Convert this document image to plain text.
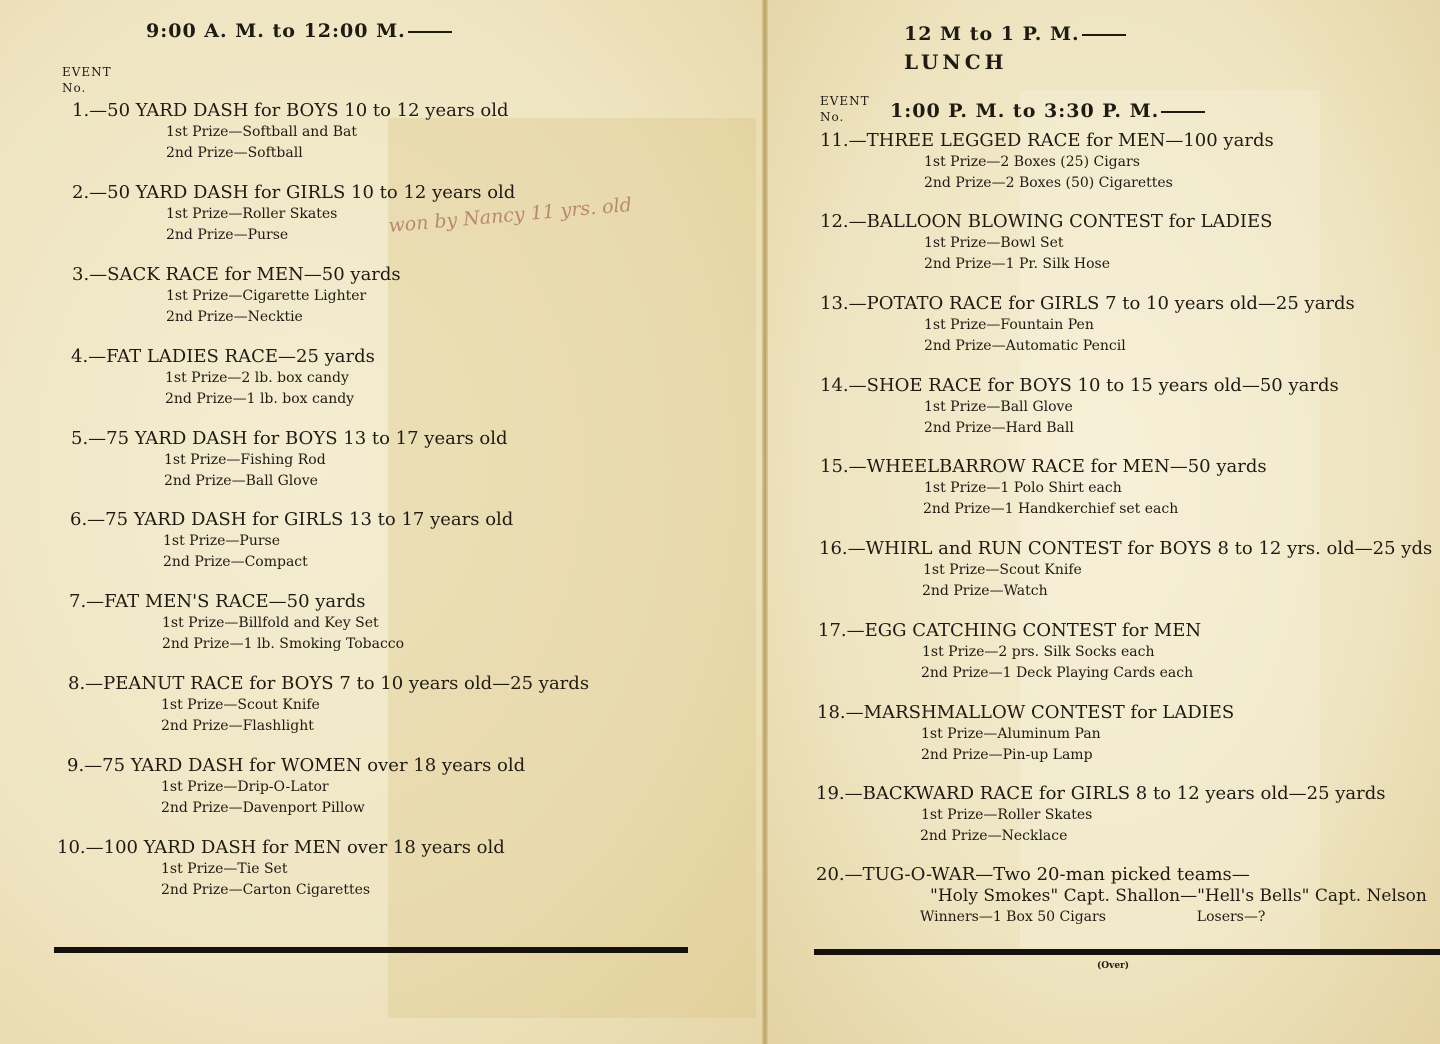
9:00 A. M. to 12:00 M.
EVENT
No.
1.—50 YARD DASH for BOYS 10 to 12 years old
1st Prize—Softball and Bat
2nd Prize—Softball
2.—50 YARD DASH for GIRLS 10 to 12 years old
1st Prize—Roller Skates
2nd Prize—Purse
3.—SACK RACE for MEN—50 yards
1st Prize—Cigarette Lighter
2nd Prize—Necktie
4.—FAT LADIES RACE—25 yards
1st Prize—2 lb. box candy
2nd Prize—1 lb. box candy
5.—75 YARD DASH for BOYS 13 to 17 years old
1st Prize—Fishing Rod
2nd Prize—Ball Glove
6.—75 YARD DASH for GIRLS 13 to 17 years old
1st Prize—Purse
2nd Prize—Compact
7.—FAT MEN'S RACE—50 yards
1st Prize—Billfold and Key Set
2nd Prize—1 lb. Smoking Tobacco
8.—PEANUT RACE for BOYS 7 to 10 years old—25 yards
1st Prize—Scout Knife
2nd Prize—Flashlight
9.—75 YARD DASH for WOMEN over 18 years old
1st Prize—Drip-O-Lator
2nd Prize—Davenport Pillow
10.—100 YARD DASH for MEN over 18 years old
1st Prize—Tie Set
2nd Prize—Carton Cigarettes
won by Nancy 11 yrs. old
12 M to 1 P. M.
LUNCH
EVENT
No.	1:00 P. M. to 3:30 P. M.
11.—THREE LEGGED RACE for MEN—100 yards
1st Prize—2 Boxes (25) Cigars
2nd Prize—2 Boxes (50) Cigarettes
12.—BALLOON BLOWING CONTEST for LADIES
1st Prize—Bowl Set
2nd Prize—1 Pr. Silk Hose
13.—POTATO RACE for GIRLS 7 to 10 years old—25 yards
1st Prize—Fountain Pen
2nd Prize—Automatic Pencil
14.—SHOE RACE for BOYS 10 to 15 years old—50 yards
1st Prize—Ball Glove
2nd Prize—Hard Ball
15.—WHEELBARROW RACE for MEN—50 yards
1st Prize—1 Polo Shirt each
2nd Prize—1 Handkerchief set each
16.—WHIRL and RUN CONTEST for BOYS 8 to 12 yrs. old—25 yds
1st Prize—Scout Knife
2nd Prize—Watch
17.—EGG CATCHING CONTEST for MEN
1st Prize—2 prs. Silk Socks each
2nd Prize—1 Deck Playing Cards each
18.—MARSHMALLOW CONTEST for LADIES
1st Prize—Aluminum Pan
2nd Prize—Pin-up Lamp
19.—BACKWARD RACE for GIRLS 8 to 12 years old—25 yards
1st Prize—Roller Skates
2nd Prize—Necklace
20.—TUG-O-WAR—Two 20-man picked teams—
"Holy Smokes" Capt. Shallon—"Hell's Bells" Capt. Nelson
Winners—1 Box 50 Cigars	Losers—?
(Over)
